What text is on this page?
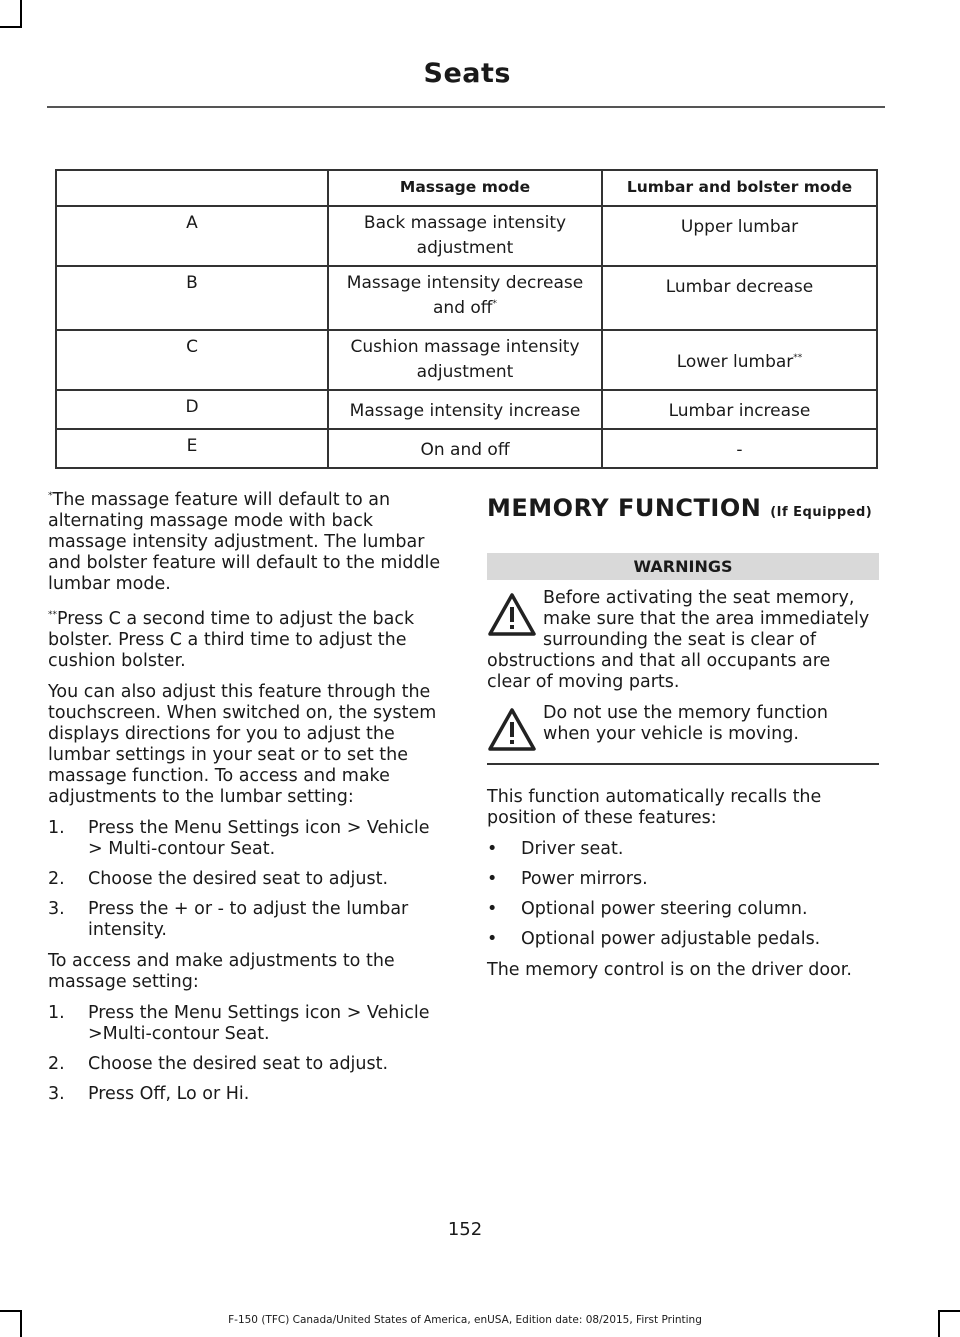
Seats
	Massage mode	Lumbar and bolster mode
A	Back massage intensity adjustment	Upper lumbar
B	Massage intensity decrease and off*	Lumbar decrease
C	Cushion massage intensity adjustment	Lower lumbar**
D	Massage intensity increase	Lumbar increase
E	On and off	-

*The massage feature will default to an alternating massage mode with back massage intensity adjustment. The lumbar and bolster feature will default to the middle lumbar mode.

**Press C a second time to adjust the back bolster. Press C a third time to adjust the cushion bolster.

You can also adjust this feature through the touchscreen. When switched on, the system displays directions for you to adjust the lumbar settings in your seat or to set the massage function. To access and make adjustments to the lumbar setting:

1.	Press the Menu Settings icon > Vehicle > Multi-contour Seat.
2.	Choose the desired seat to adjust.
3.	Press the + or - to adjust the lumbar intensity.

To access and make adjustments to the massage setting:

1.	Press the Menu Settings icon > Vehicle >Multi-contour Seat.
2.	Choose the desired seat to adjust.
3.	Press Off, Lo or Hi.
MEMORY FUNCTION (If Equipped)
WARNINGS
Before activating the seat memory, make sure that the area immediately surrounding the seat is clear of obstructions and that all occupants are clear of moving parts.
Do not use the memory function when your vehicle is moving.

This function automatically recalls the position of these features:

•	Driver seat.
•	Power mirrors.
•	Optional power steering column.
•	Optional power adjustable pedals.

The memory control is on the driver door.

152
F-150 (TFC) Canada/United States of America, enUSA, Edition date: 08/2015, First Printing
